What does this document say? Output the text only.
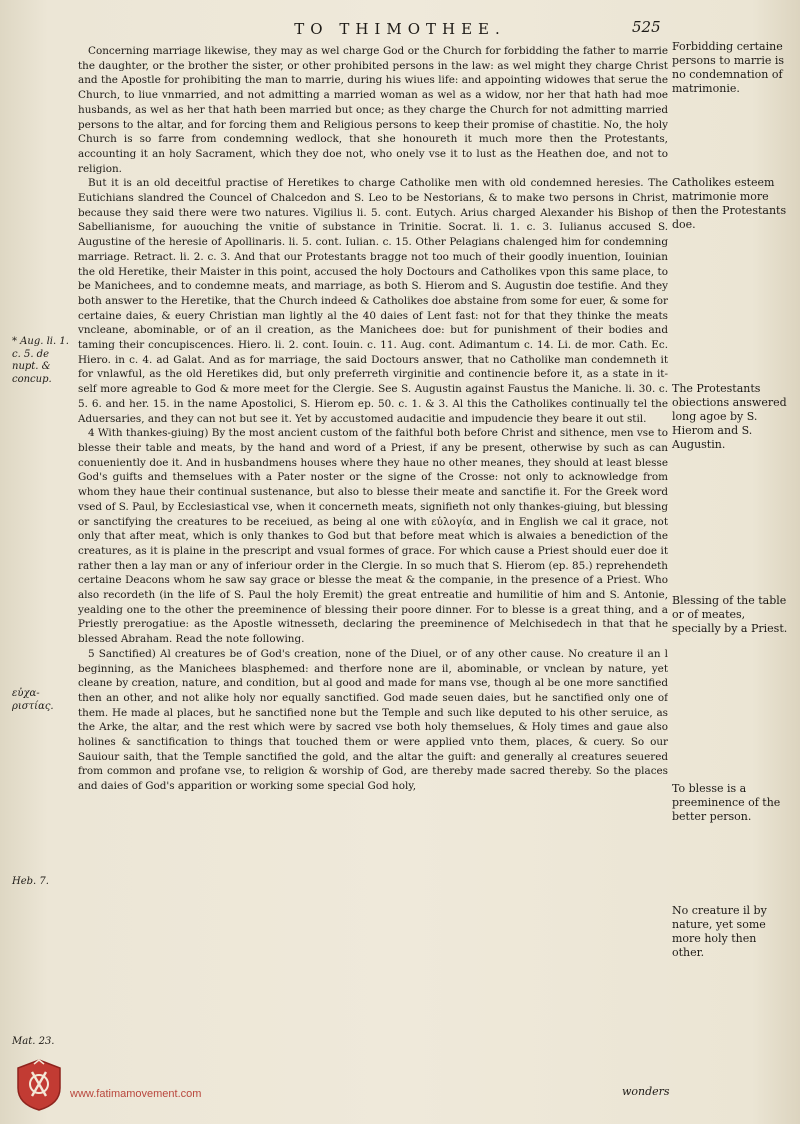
TO THIMOTHEE.	525
* Aug. li. 1. c. 5. de nupt. & concup.
εὐχα-ριστίας.
Heb. 7.
Mat. 23.

Concerning marriage likewise, they may as wel charge God or the Church for forbidding the father to marrie the daughter, or the brother the sister, or other prohibited persons in the law: as wel might they charge Christ and the Apostle for prohibiting the man to marrie, during his wiues life: and appointing widowes that serue the Church, to liue vnmarried, and not admitting a married woman as wel as a widow, nor her that hath had moe husbands, as wel as her that hath been married but once; as they charge the Church for not admitting married persons to the altar, and for forcing them and Religious persons to keep their promise of chastitie. No, the holy Church is so farre from condemning wedlock, that she honoureth it much more then the Protestants, accounting it an holy Sacrament, which they doe not, who onely vse it to lust as the Heathen doe, and not to religion.

But it is an old deceitful practise of Heretikes to charge Catholike men with old condemned heresies. The Eutichians slandred the Councel of Chalcedon and S. Leo to be Nestorians, & to make two persons in Christ, because they said there were two natures. Vigilius li. 5. cont. Eutych. Arius charged Alexander his Bishop of Sabellianisme, for auouching the vnitie of substance in Trinitie. Socrat. li. 1. c. 3. Iulianus accused S. Augustine of the heresie of Apollinaris. li. 5. cont. Iulian. c. 15. Other Pelagians chalenged him for condemning marriage. Retract. li. 2. c. 3. And that our Protestants bragge not too much of their goodly inuention, Iouinian the old Heretike, their Maister in this point, accused the holy Doctours and Catholikes vpon this same place, to be Manichees, and to condemne meats, and marriage, as both S. Hierom and S. Augustin doe testifie. And they both answer to the Heretike, that the Church indeed & Catholikes doe abstaine from some for euer, & some for certaine daies, & euery Christian man lightly al the 40 daies of Lent fast: not for that they thinke the meats vncleane, abominable, or of an il creation, as the Manichees doe: but for punishment of their bodies and taming their concupiscences. Hiero. li. 2. cont. Iouin. c. 11. Aug. cont. Adimantum c. 14. Li. de mor. Cath. Ec. Hiero. in c. 4. ad Galat. And as for marriage, the said Doctours answer, that no Catholike man condemneth it for vnlawful, as the old Heretikes did, but only preferreth virginitie and continencie before it, as a state in it-self more agreable to God & more meet for the Clergie. See S. Augustin against Faustus the Maniche. li. 30. c. 5. 6. and her. 15. in the name Apostolici, S. Hierom ep. 50. c. 1. & 3. Al this the Catholikes continually tel the Aduersaries, and they can not but see it. Yet by accustomed audacitie and impudencie they beare it out stil.

4 With thankes-giuing) By the most ancient custom of the faithful both before Christ and sithence, men vse to blesse their table and meats, by the hand and word of a Priest, if any be present, otherwise by such as can conueniently doe it. And in husbandmens houses where they haue no other meanes, they should at least blesse God's guifts and themselues with a Pater noster or the signe of the Crosse: not only to acknowledge from whom they haue their continual sustenance, but also to blesse their meate and sanctifie it. For the Greek word vsed of S. Paul, by Ecclesiastical vse, when it concerneth meats, signifieth not only thankes-giuing, but blessing or sanctifying the creatures to be receiued, as being al one with εὐλογία, and in English we cal it grace, not only that after meat, which is only thankes to God but that before meat which is alwaies a benediction of the creatures, as it is plaine in the prescript and vsual formes of grace. For which cause a Priest should euer doe it rather then a lay man or any of inferiour order in the Clergie. In so much that S. Hierom (ep. 85.) reprehendeth certaine Deacons whom he saw say grace or blesse the meat & the companie, in the presence of a Priest. Who also recordeth (in the life of S. Paul the holy Eremit) the great entreatie and humilitie of him and S. Antonie, yealding one to the other the preeminence of blessing their poore dinner. For to blesse is a great thing, and a Priestly prerogatiue: as the Apostle witnesseth, declaring the preeminence of Melchisedech in that that he blessed Abraham. Read the note following.

5 Sanctified) Al creatures be of God's creation, none of the Diuel, or of any other cause. No creature il an l beginning, as the Manichees blasphemed: and therfore none are il, abominable, or vnclean by nature, yet cleane by creation, nature, and condition, but al good and made for mans vse, though al be one more sanctified then an other, and not alike holy nor equally sanctified. God made seuen daies, but he sanctified only one of them. He made al places, but he sanctified none but the Temple and such like deputed to his other seruice, as the Arke, the altar, and the rest which were by sacred vse both holy themselues, & Holy times and gaue also holines & sanctification to things that touched them or were applied vnto them, places, & cuery. So our Sauiour saith, that the Temple sanctified the gold, and the altar the guift: and generally al creatures seuered from common and profane vse, to religion & worship of God, are thereby made sacred thereby. So the places and daies of God's apparition or working some special God holy,

Forbidding certaine persons to marrie is no condemnation of matrimonie.
Catholikes esteem matrimonie more then the Protestants doe.
The Protestants obiections answered long agoe by S. Hierom and S. Augustin.
Blessing of the table or of meates, specially by a Priest.
To blesse is a preeminence of the better person.
No creature il by nature, yet some more holy then other.
www.fatimamovement.com	wonders
